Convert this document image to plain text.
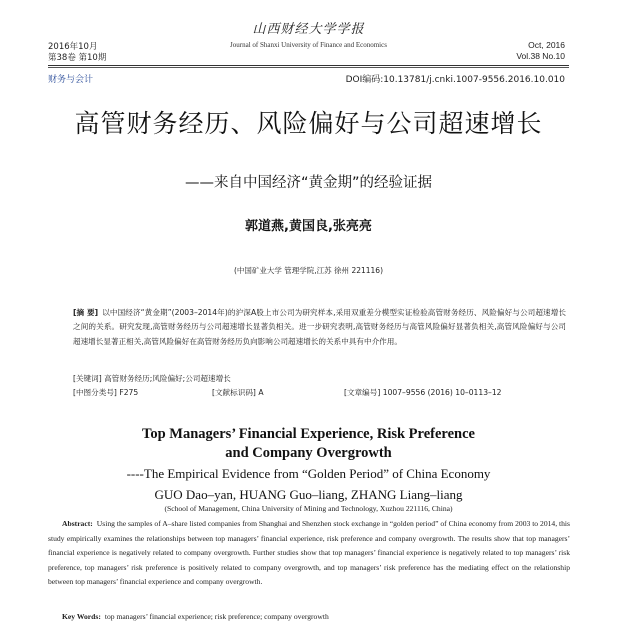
山西财经大学学报
Journal of Shanxi University of Finance and Economics
2016年10月
第38卷 第10期
Oct, 2016
Vol.38 No.10
财务与会计	DOI编码:10.13781/j.cnki.1007-9556.2016.10.010
高管财务经历、风险偏好与公司超速增长
——来自中国经济“黄金期”的经验证据
郭道燕,黄国良,张亮亮
(中国矿业大学 管理学院,江苏 徐州 221116)
[摘 要] 以中国经济“黄金期”(2003–2014年)的沪深A股上市公司为研究样本,采用双重差分模型实证检验高管财务经历、风险偏好与公司超速增长之间的关系。研究发现,高管财务经历与公司超速增长显著负相关。进一步研究表明,高管财务经历与高管风险偏好显著负相关,高管风险偏好与公司超速增长显著正相关,高管风险偏好在高管财务经历负向影响公司超速增长的关系中具有中介作用。
[关键词] 高管财务经历;风险偏好;公司超速增长
[中图分类号] F275	[文献标识码] A	[文章编号] 1007–9556 (2016) 10–0113–12
Top Managers’ Financial Experience, Risk Preference
and Company Overgrowth
----The Empirical Evidence from “Golden Period” of China Economy
GUO Dao–yan, HUANG Guo–liang, ZHANG Liang–liang
(School of Management, China University of Mining and Technology, Xuzhou 221116, China)
Abstract: Using the samples of A–share listed companies from Shanghai and Shenzhen stock exchange in “golden period” of China economy from 2003 to 2014, this study empirically examines the relationships between top managers’ financial experience, risk preference and company overgrowth. The results show that top managers’ financial experience is negatively related to company overgrowth. Further studies show that top managers’ financial experience is negatively related to top managers’ risk preference, top managers’ risk preference is positively related to company overgrowth, and top managers’ risk preference has the mediating effect on the relationship between top managers’ financial experience and company overgrowth.
Key Words: top managers’ financial experience; risk preference; company overgrowth
